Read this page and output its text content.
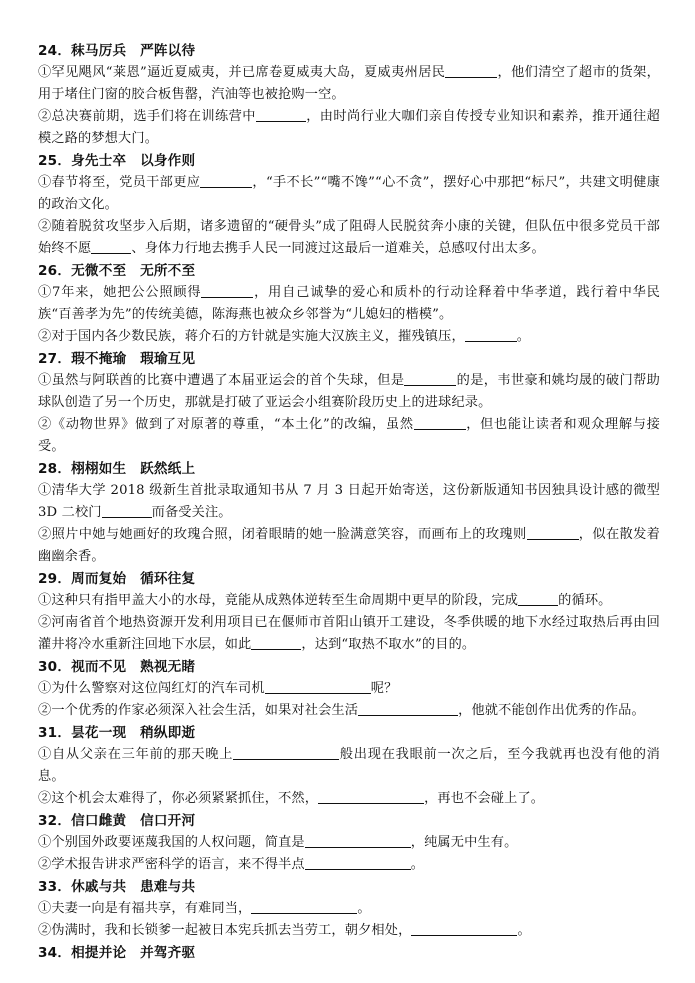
24．秣马厉兵　严阵以待
①罕见飓风“莱恩”逼近夏威夷，并已席卷夏威夷大岛，夏威夷州居民	，他们清空了超市的货架，用于堵住门窗的胶合板售罄，汽油等也被抢购一空。
②总决赛前期，选手们将在训练营中	，由时尚行业大咖们亲自传授专业知识和素养，推开通往超模之路的梦想大门。
25．身先士卒　以身作则
①春节将至，党员干部更应	，“手不长”“嘴不馋”“心不贪”，摆好心中那把“标尺”，共建文明健康的政治文化。
②随着脱贫攻坚步入后期，诸多遗留的“硬骨头”成了阻碍人民脱贫奔小康的关键，但队伍中很多党员干部始终不愿	、身体力行地去携手人民一同渡过这最后一道难关，总感叹付出太多。
26．无微不至　无所不至
①7年来，她把公公照顾得	，用自己诚挚的爱心和质朴的行动诠释着中华孝道，践行着中华民族“百善孝为先”的传统美德，陈海燕也被众乡邻誉为“儿媳妇的楷模”。
②对于国内各少数民族，蒋介石的方针就是实施大汉族主义，摧残镇压，	。
27．瑕不掩瑜　瑕瑜互见
①虽然与阿联酋的比赛中遭遇了本届亚运会的首个失球，但是	的是，韦世豪和姚均晟的破门帮助球队创造了另一个历史，那就是打破了亚运会小组赛阶段历史上的进球纪录。
②《动物世界》做到了对原著的尊重，“本土化”的改编，虽然	，但也能让读者和观众理解与接受。
28．栩栩如生　跃然纸上
①清华大学 2018 级新生首批录取通知书从 7 月 3 日起开始寄送，这份新版通知书因独具设计感的微型 3D 二校门	而备受关注。
②照片中她与她画好的玫瑰合照，闭着眼睛的她一脸满意笑容，而画布上的玫瑰则	，似在散发着幽幽余香。
29．周而复始　循环往复
①这种只有指甲盖大小的水母，竟能从成熟体逆转至生命周期中更早的阶段，完成	的循环。
②河南省首个地热资源开发利用项目已在偃师市首阳山镇开工建设，冬季供暖的地下水经过取热后再由回灌井将冷水重新注回地下水层，如此	，达到“取热不取水”的目的。
30．视而不见　熟视无睹
①为什么警察对这位闯红灯的汽车司机	呢？
②一个优秀的作家必须深入社会生活，如果对社会生活	，他就不能创作出优秀的作品。
31．昙花一现　稍纵即逝
①自从父亲在三年前的那天晚上	般出现在我眼前一次之后，至今我就再也没有他的消息。
②这个机会太难得了，你必须紧紧抓住，不然，	，再也不会碰上了。
32．信口雌黄　信口开河
①个别国外政要诬蔑我国的人权问题，简直是	，纯属无中生有。
②学术报告讲求严密科学的语言，来不得半点	。
33．休戚与共　患难与共
①夫妻一向是有福共享，有难同当，	。
②伪满时，我和长锁爹一起被日本宪兵抓去当劳工，朝夕相处，	。
34．相提并论　并驾齐驱
